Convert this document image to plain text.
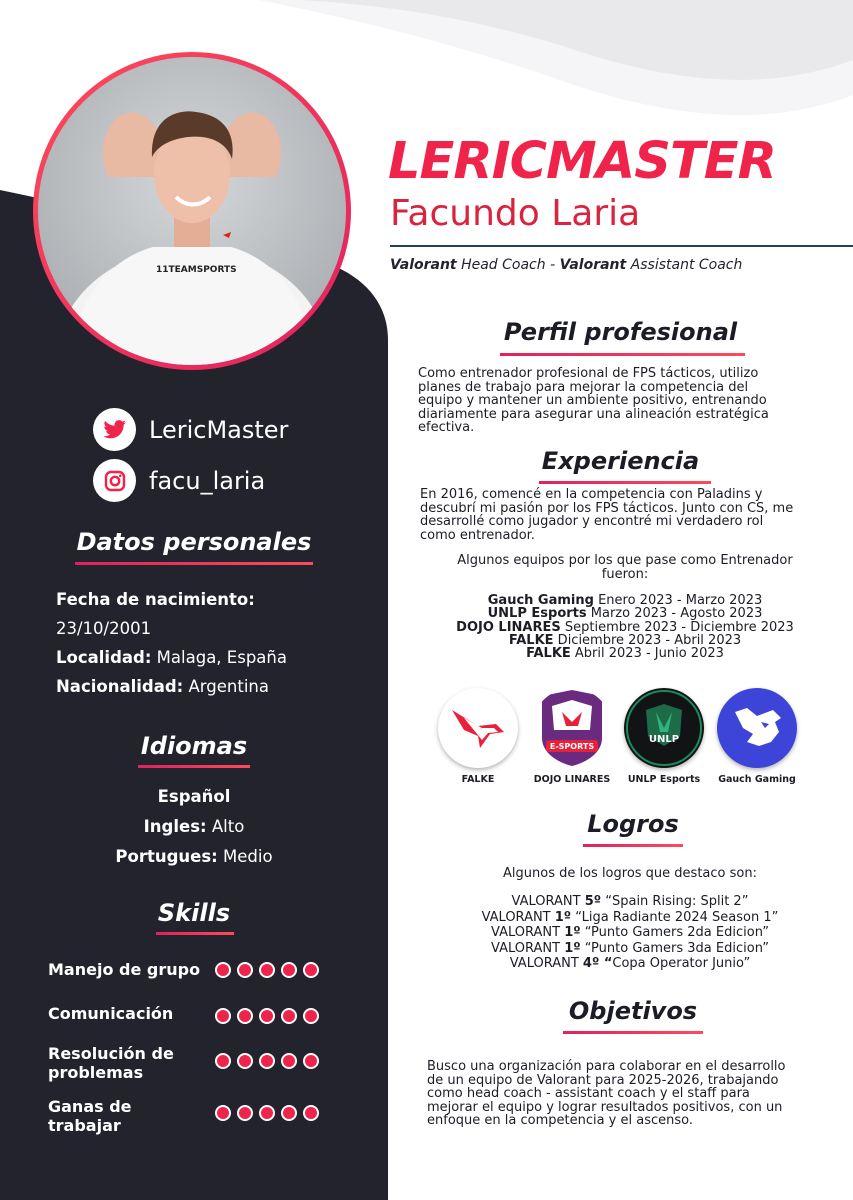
11TEAMSPORTS
LERICMASTER
Facundo Laria
Valorant Head Coach - Valorant Assistant Coach
LericMaster
facu_laria
Datos personales
Fecha de nacimiento:
23/10/2001
Localidad: Malaga, España
Nacionalidad: Argentina
Idiomas
Español
Ingles: Alto
Portugues: Medio
Skills
Manejo de grupo
Comunicación
Resolución de
problemas
Ganas de
trabajar
Perfil profesional
Como entrenador profesional de FPS tácticos, utilizo
planes de trabajo para mejorar la competencia del
equipo y mantener un ambiente positivo, entrenando
diariamente para asegurar una alineación estratégica
efectiva.
Experiencia
En 2016, comencé en la competencia con Paladins y
descubrí mi pasión por los FPS tácticos. Junto con CS, me
desarrollé como jugador y encontré mi verdadero rol
como entrenador.
Algunos equipos por los que pase como Entrenador
fueron:
Gauch Gaming Enero 2023 - Marzo 2023
UNLP Esports Marzo 2023 - Agosto 2023
DOJO LINARES Septiembre 2023 - Diciembre 2023
FALKE Diciembre 2023 - Abril 2023
FALKE Abril 2023 - Junio 2023
FALKE
E-SPORTS
DOJO LINARES
UNLP
UNLP Esports	Gauch Gaming
Logros
Algunos de los logros que destaco son:
VALORANT 5º “Spain Rising: Split 2”
VALORANT 1º “Liga Radiante 2024 Season 1”
VALORANT 1º “Punto Gamers 2da Edicion”
VALORANT 1º “Punto Gamers 3da Edicion”
VALORANT 4º “Copa Operator Junio”
Objetivos
Busco una organización para colaborar en el desarrollo
de un equipo de Valorant para 2025-2026, trabajando
como head coach - assistant coach y el staff para
mejorar el equipo y lograr resultados positivos, con un
enfoque en la competencia y el ascenso.
